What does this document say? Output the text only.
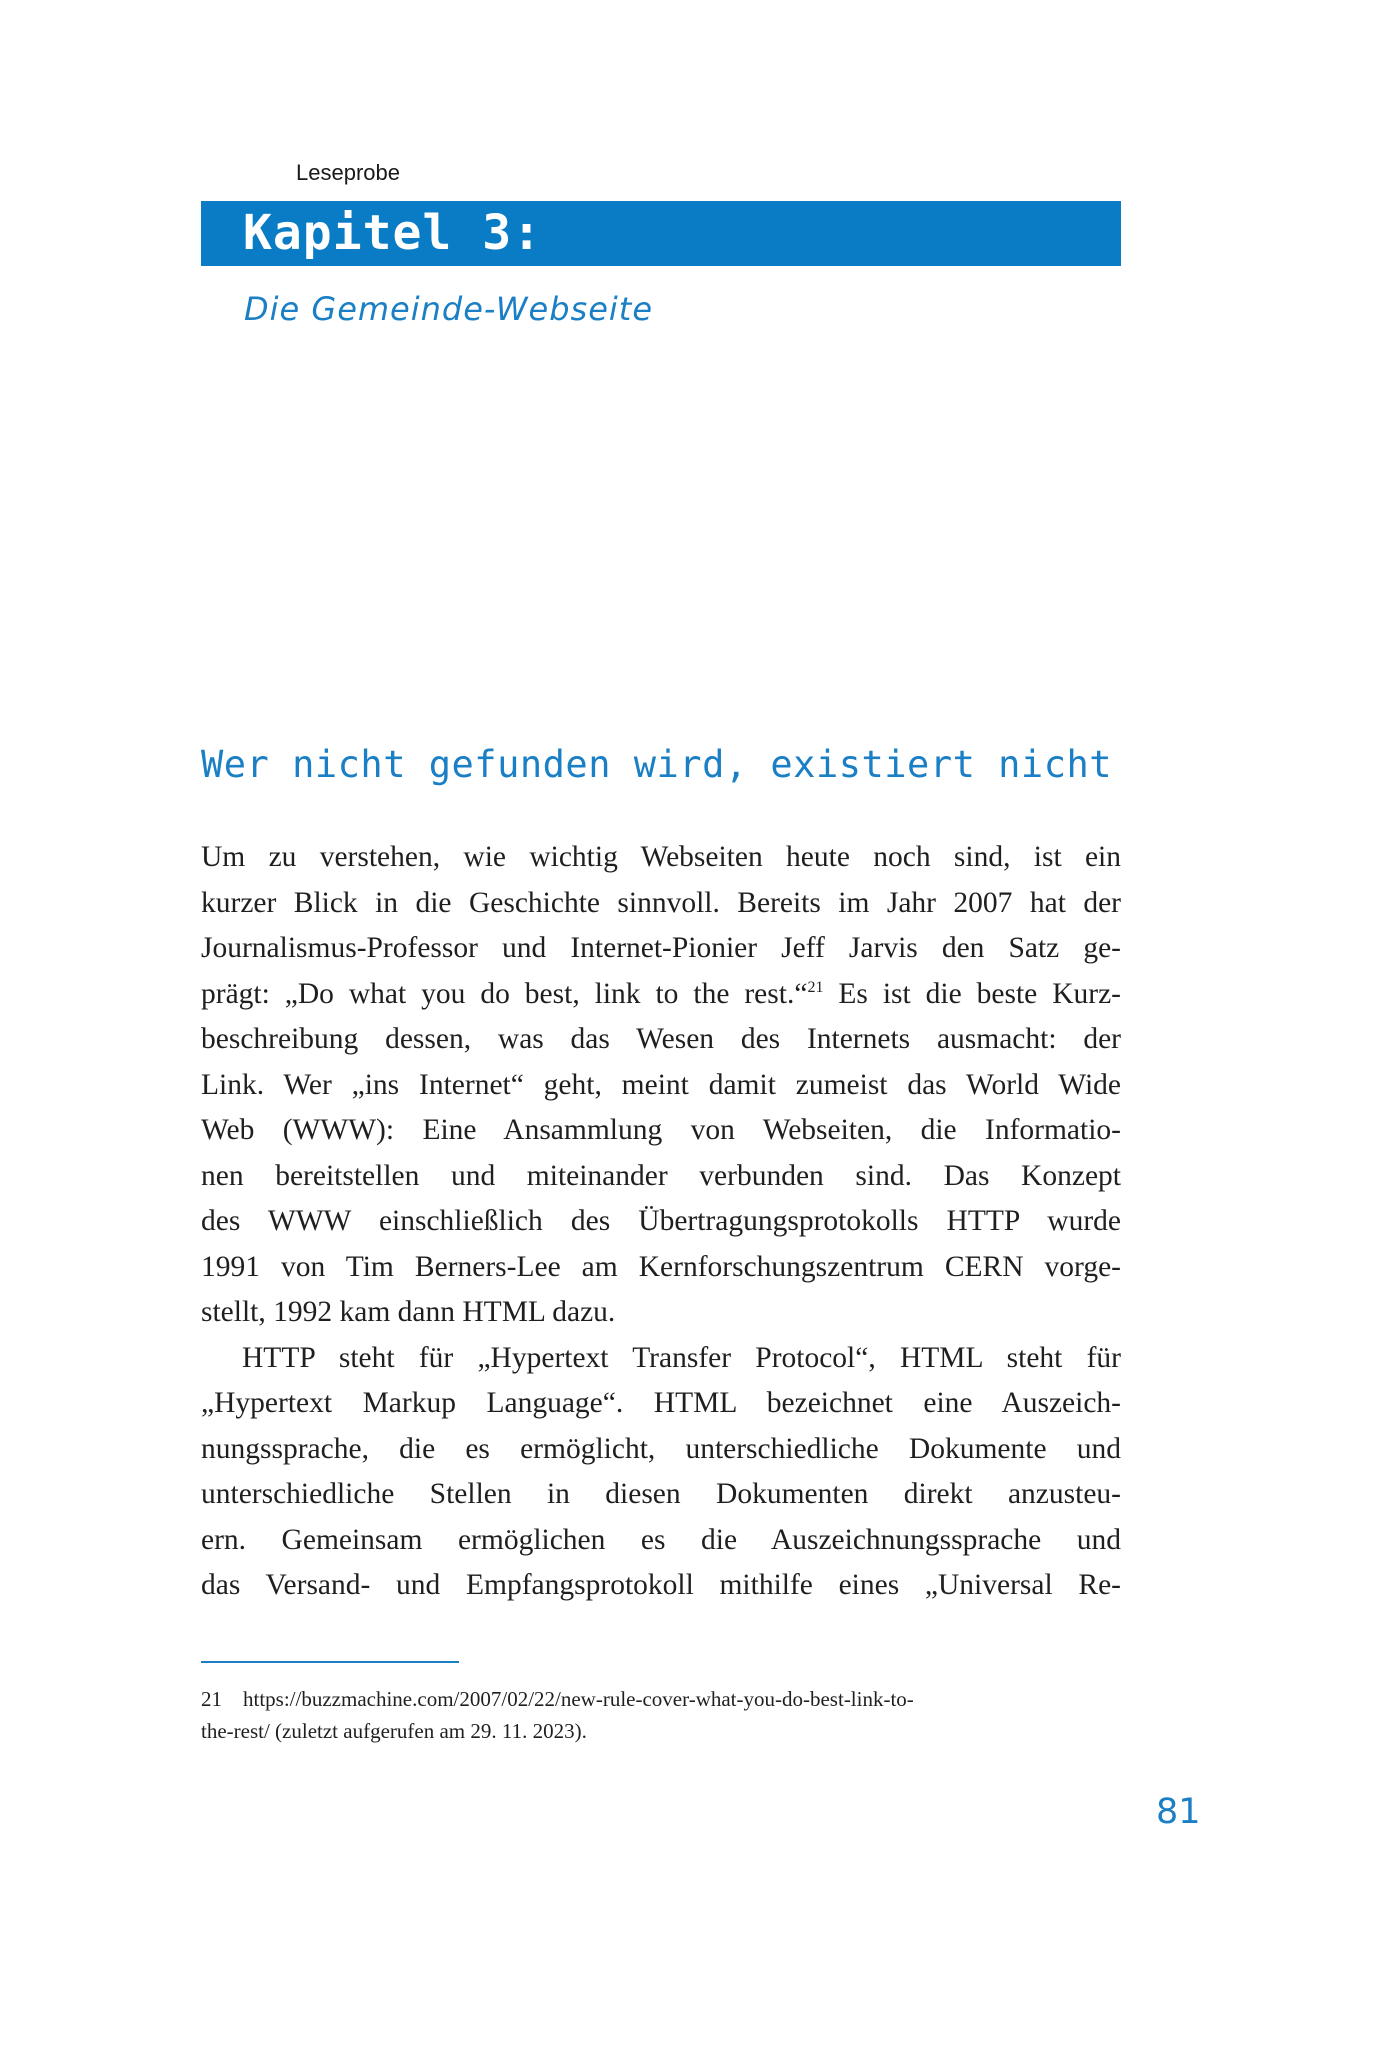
Leseprobe
Kapitel 3:
Die Gemeinde-Webseite
Wer nicht gefunden wird, existiert nicht

Um zu verstehen, wie wichtig Webseiten heute noch sind, ist ein

kurzer Blick in die Geschichte sinnvoll. Bereits im Jahr 2007 hat der

Journalismus-Professor und Internet-Pionier Jeff Jarvis den Satz ge-

prägt: „Do what you do best, link to the rest.“$^{21}$ Es ist die beste Kurz-

beschreibung dessen, was das Wesen des Internets ausmacht: der

Link. Wer „ins Internet“ geht, meint damit zumeist das World Wide

Web (WWW): Eine Ansammlung von Webseiten, die Informatio-

nen bereitstellen und miteinander verbunden sind. Das Konzept

des WWW einschließlich des Übertragungsprotokolls HTTP wurde

1991 von Tim Berners-Lee am Kernforschungszentrum CERN vorge-

stellt, 1992 kam dann HTML dazu.

HTTP steht für „Hypertext Transfer Protocol“, HTML steht für

„Hypertext Markup Language“. HTML bezeichnet eine Auszeich-

nungssprache, die es ermöglicht, unterschiedliche Dokumente und

unterschiedliche Stellen in diesen Dokumenten direkt anzusteu-

ern. Gemeinsam ermöglichen es die Auszeichnungssprache und

das Versand- und Empfangsprotokoll mithilfe eines „Universal Re-

21 https://buzzmachine.com/2007/02/22/new-rule-cover-what-you-do-best-link-to-
the-rest/ (zuletzt aufgerufen am 29. 11. 2023).
81
